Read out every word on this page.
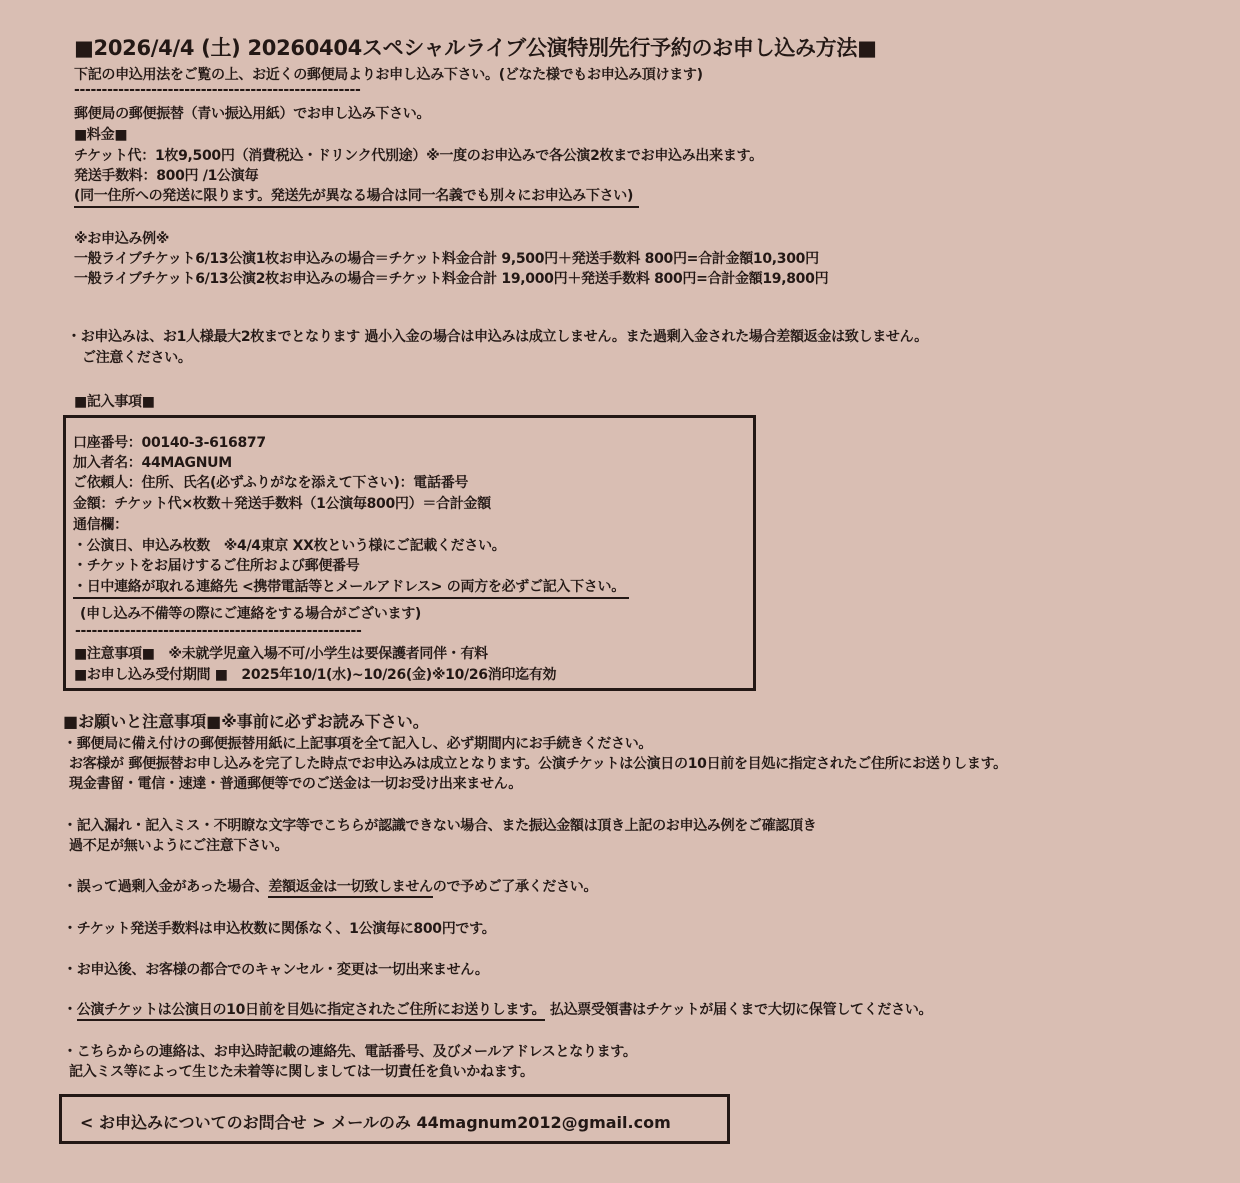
■2026/4/4 (土) 20260404スペシャルライブ公演特別先行予約のお申し込み方法■
下記の申込用法をご覧の上、お近くの郵便局よりお申し込み下さい。(どなた様でもお申込み頂けます)
----------------------------------------------------
郵便局の郵便振替（青い振込用紙）でお申し込み下さい。
■料金■
チケット代：1枚9,500円（消費税込・ドリンク代別途）※一度のお申込みで各公演2枚までお申込み出来ます。
発送手数料：800円 /1公演毎
(同一住所への発送に限ります。発送先が異なる場合は同一名義でも別々にお申込み下さい)
※お申込み例※
一般ライブチケット6/13公演1枚お申込みの場合＝チケット料金合計 9,500円＋発送手数料 800円=合計金額10,300円
一般ライブチケット6/13公演2枚お申込みの場合＝チケット料金合計 19,000円＋発送手数料 800円=合計金額19,800円
・お申込みは、お1人様最大2枚までとなります 過小入金の場合は申込みは成立しません。また過剰入金された場合差額返金は致しません。
ご注意ください。
■記入事項■
口座番号：00140-3-616877
加入者名：44MAGNUM
ご依頼人：住所、氏名(必ずふりがなを添えて下さい)：電話番号
金額：チケット代×枚数＋発送手数料（1公演毎800円）＝合計金額
通信欄：
・公演日、申込み枚数　※4/4東京 XX枚という様にご記載ください。
・チケットをお届けするご住所および郵便番号
・日中連絡が取れる連絡先 <携帯電話等とメールアドレス> の両方を必ずご記入下さい。
(申し込み不備等の際にご連絡をする場合がございます)
----------------------------------------------------
■注意事項■　※未就学児童入場不可/小学生は要保護者同伴・有料
■お申し込み受付期間 ■　2025年10/1(水)~10/26(金)※10/26消印迄有効
■お願いと注意事項■※事前に必ずお読み下さい。
・郵便局に備え付けの郵便振替用紙に上記事項を全て記入し、必ず期間内にお手続きください。
お客様が 郵便振替お申し込みを完了した時点でお申込みは成立となります。公演チケットは公演日の10日前を目処に指定されたご住所にお送りします。
現金書留・電信・速達・普通郵便等でのご送金は一切お受け出来ません。
・記入漏れ・記入ミス・不明瞭な文字等でこちらが認識できない場合、また振込金額は頂き上記のお申込み例をご確認頂き
過不足が無いようにご注意下さい。
・誤って過剰入金があった場合、差額返金は一切致しませんので予めご了承ください。
・チケット発送手数料は申込枚数に関係なく、1公演毎に800円です。
・お申込後、お客様の都合でのキャンセル・変更は一切出来ません。
・公演チケットは公演日の10日前を目処に指定されたご住所にお送りします。 払込票受領書はチケットが届くまで大切に保管してください。
・こちらからの連絡は、お申込時記載の連絡先、電話番号、及びメールアドレスとなります。
記入ミス等によって生じた未着等に関しましては一切責任を負いかねます。
< お申込みについてのお問合せ > メールのみ 44magnum2012@gmail.com
